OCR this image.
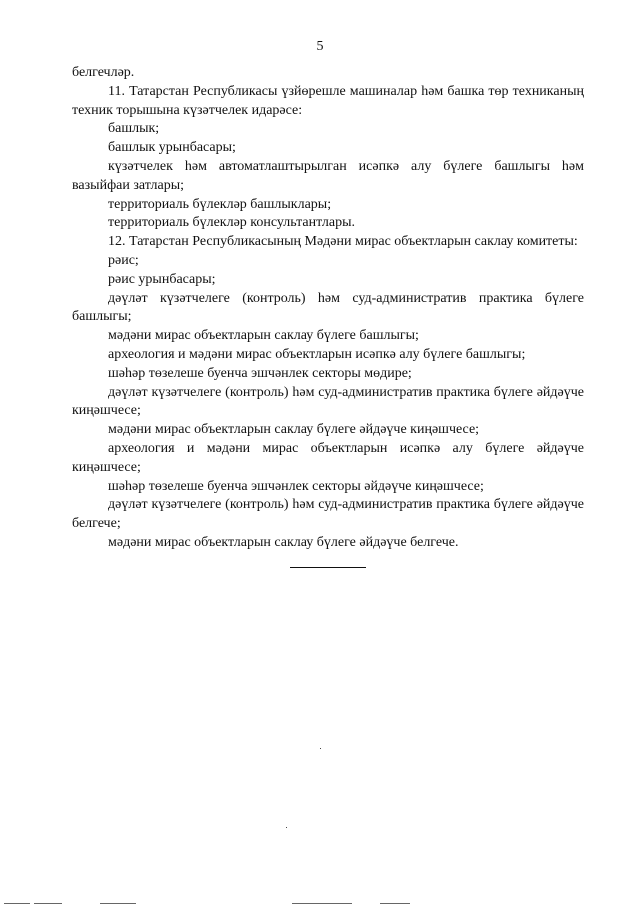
5

белгечләр.

11. Татарстан Республикасы үзйөрешле машиналар һәм башка төр техниканың техник торышына күзәтчелек идарәсе:

башлык;

башлык урынбасары;

күзәтчелек һәм автоматлаштырылган исәпкә алу бүлеге башлыгы һәм вазыйфаи затлары;

территориаль бүлекләр башлыклары;

территориаль бүлекләр консультантлары.

12. Татарстан Республикасының Мәдәни мирас объектларын саклау комитеты:

рәис;

рәис урынбасары;

дәүләт күзәтчелеге (контроль) һәм суд-административ практика бүлеге башлыгы;

мәдәни мирас объектларын саклау бүлеге башлыгы;

археология и мәдәни мирас объектларын исәпкә алу бүлеге башлыгы;

шәһәр төзелеше буенча эшчәнлек секторы мөдире;

дәүләт күзәтчелеге (контроль) һәм суд-административ практика бүлеге әйдәүче киңәшчесе;

мәдәни мирас объектларын саклау бүлеге әйдәүче киңәшчесе;

археология и мәдәни мирас объектларын исәпкә алу бүлеге әйдәүче киңәшчесе;

шәһәр төзелеше буенча эшчәнлек секторы әйдәүче киңәшчесе;

дәүләт күзәтчелеге (контроль) һәм суд-административ практика бүлеге әйдәүче белгече;

мәдәни мирас объектларын саклау бүлеге әйдәүче белгече.
